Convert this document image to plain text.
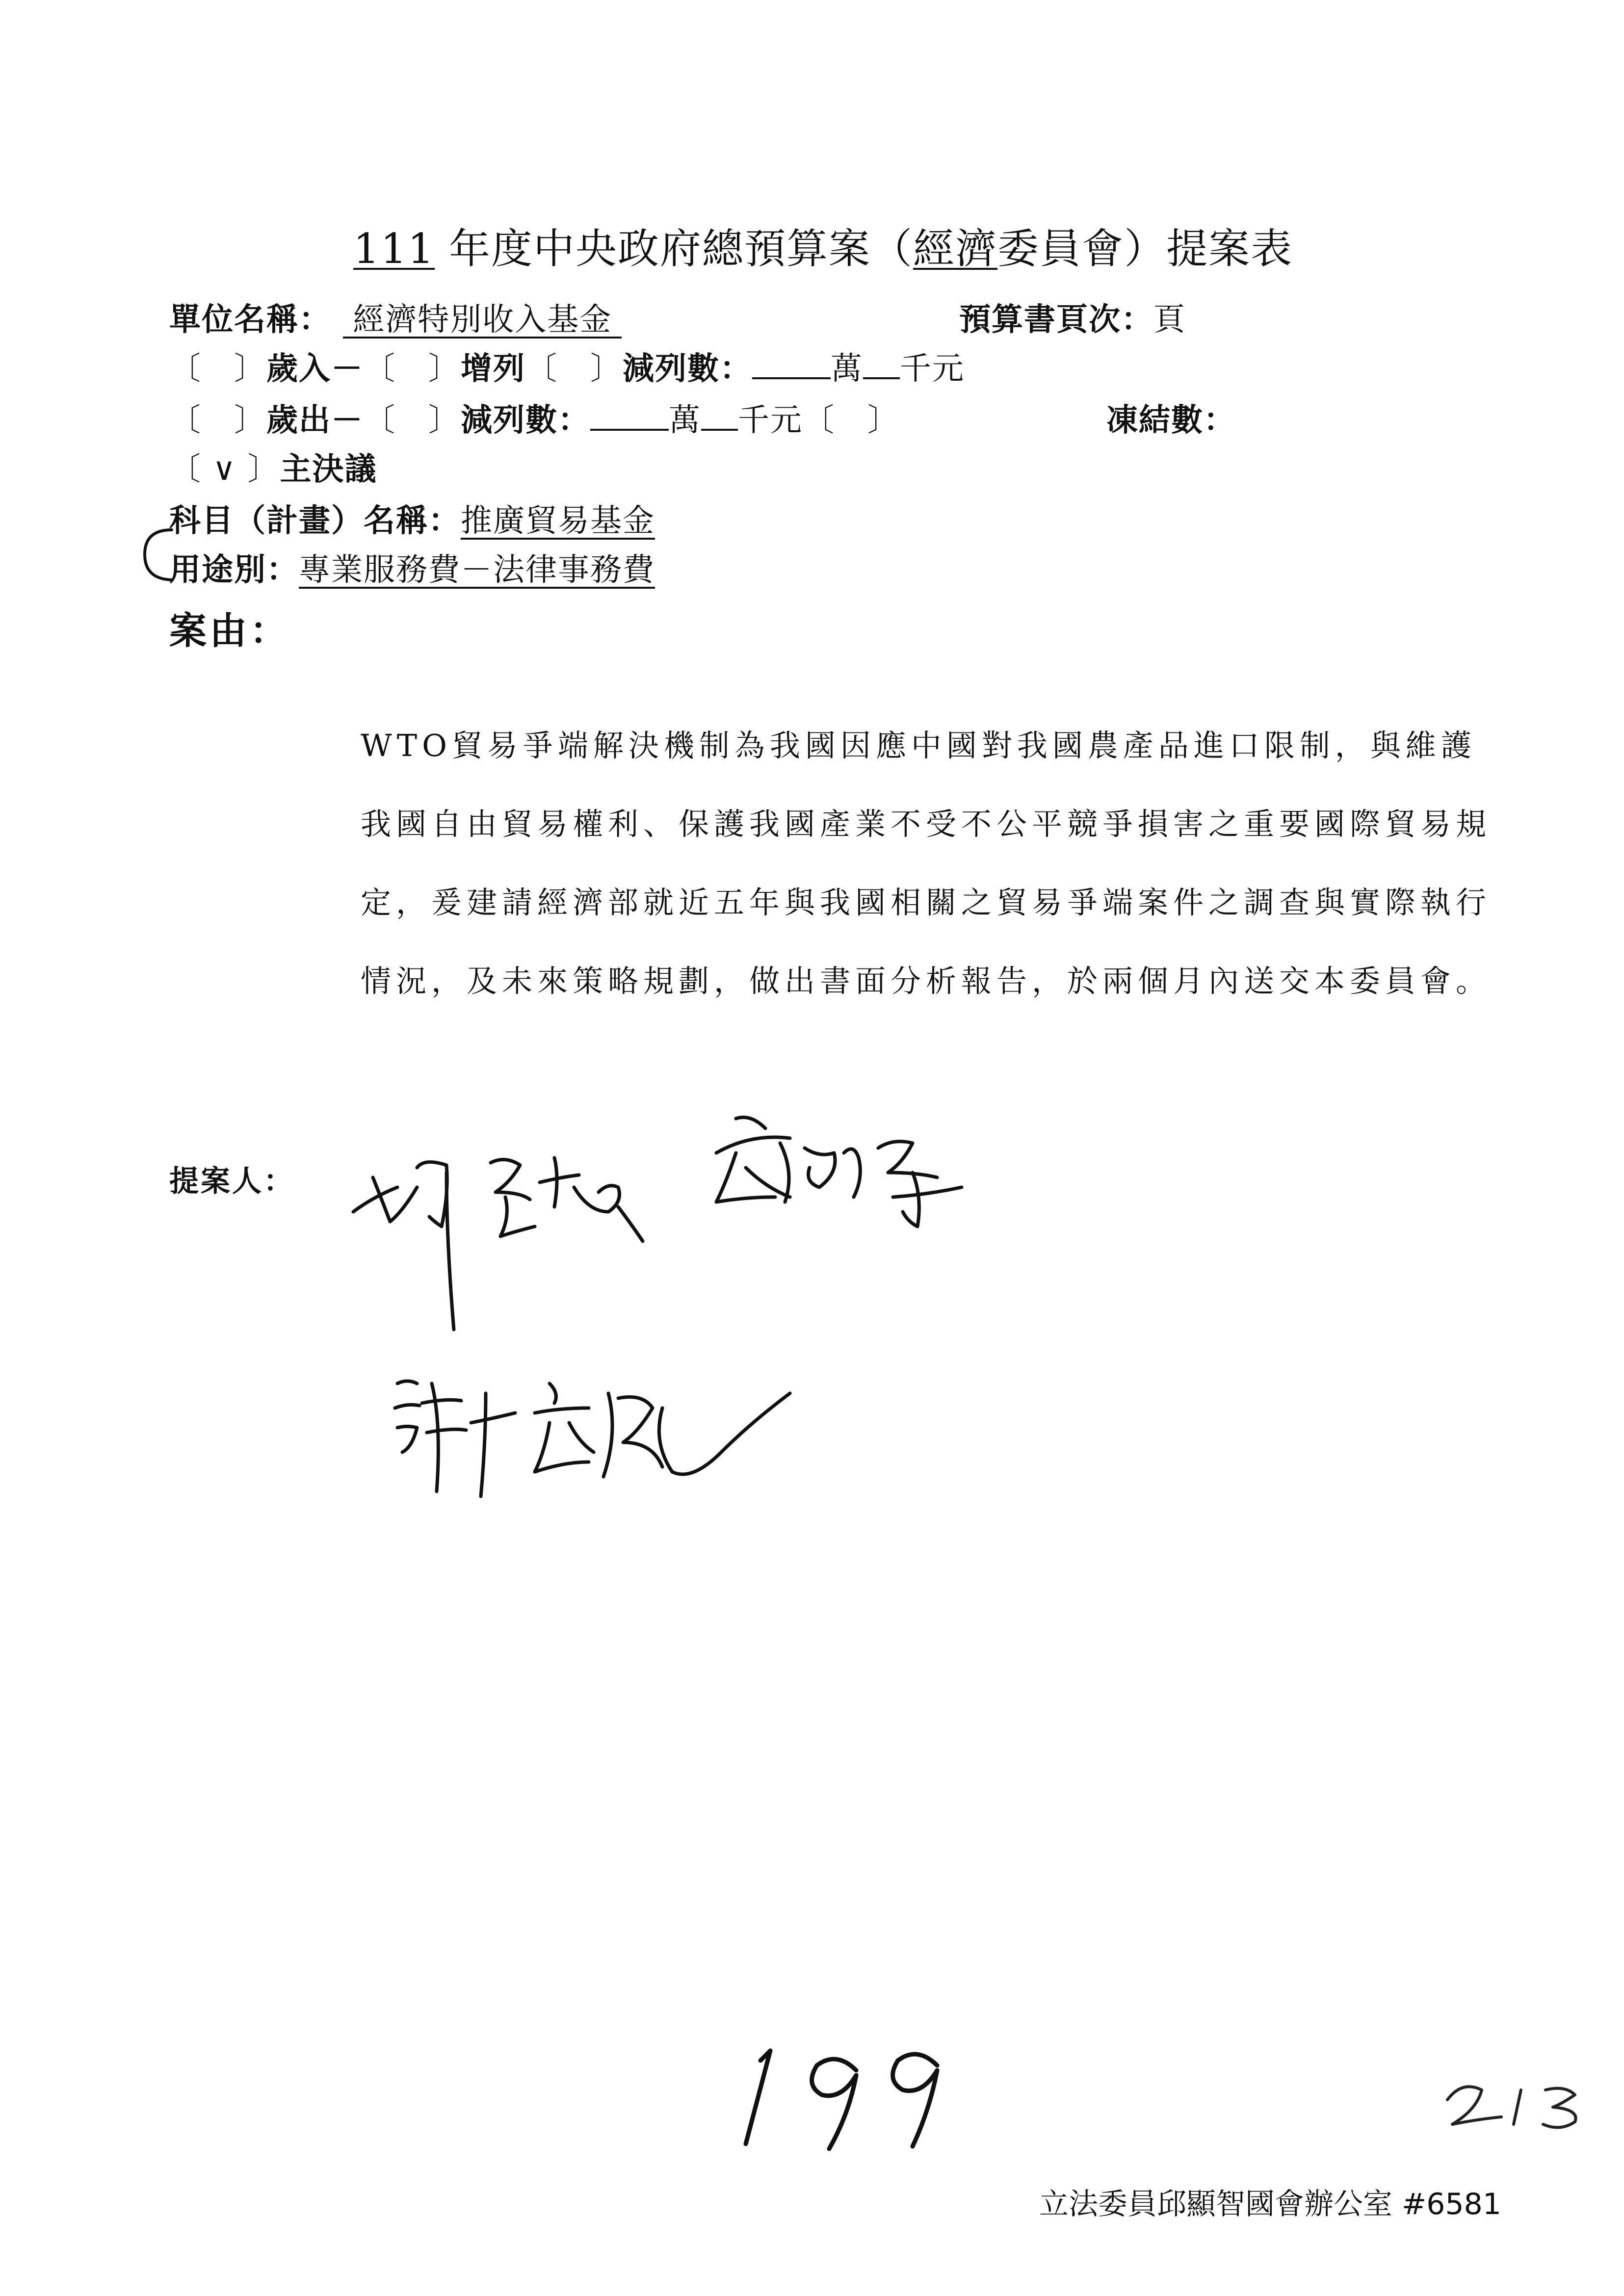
111 年度中央政府總預算案（經濟委員會）提案表
單位名稱： 經濟特別收入基金	預算書頁次：頁
〔　〕歲入－〔　〕增列〔　〕減列數：	萬 千元
〔　〕歲出－〔　〕減列數：	萬 千元〔　〕	凍結數：
〔 ∨ 〕主決議
科目（計畫）名稱：推廣貿易基金
用途別：專業服務費－法律事務費
案由：
WTO貿易爭端解決機制為我國因應中國對我國農產品進口限制，與維護我國自由貿易權利、保護我國產業不受不公平競爭損害之重要國際貿易規定，爰建請經濟部就近五年與我國相關之貿易爭端案件之調查與實際執行情況，及未來策略規劃，做出書面分析報告，於兩個月內送交本委員會。
提案人：
立法委員邱顯智國會辦公室 #6581
